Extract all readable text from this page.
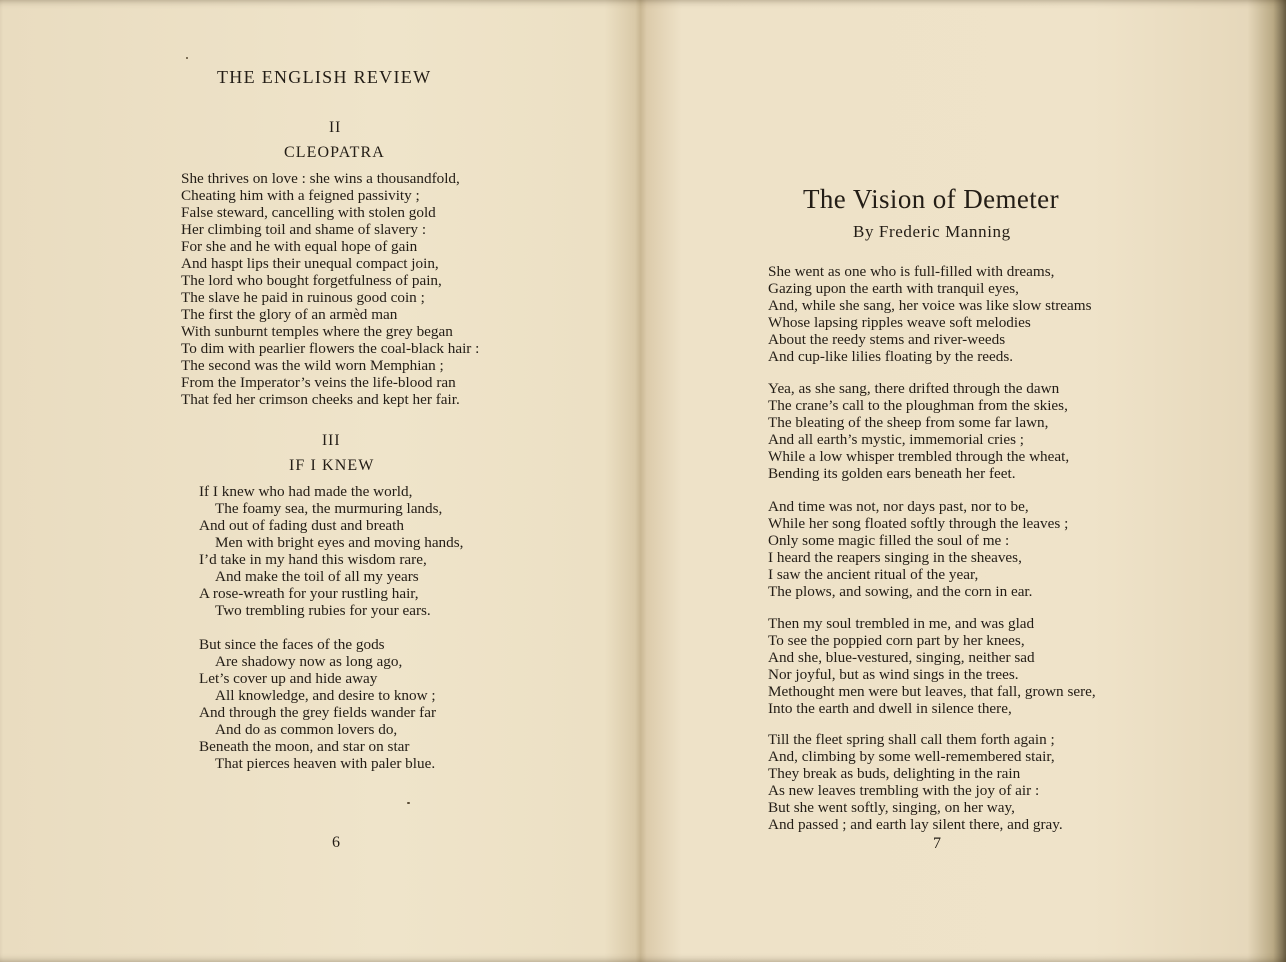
THE ENGLISH REVIEW
II
CLEOPATRA
She thrives on love : she wins a thousandfold,
Cheating him with a feigned passivity ;
False steward, cancelling with stolen gold
Her climbing toil and shame of slavery :
For she and he with equal hope of gain
And haspt lips their unequal compact join,
The lord who bought forgetfulness of pain,
The slave he paid in ruinous good coin ;
The first the glory of an armèd man
With sunburnt temples where the grey began
To dim with pearlier flowers the coal-black hair :
The second was the wild worn Memphian ;
From the Imperator’s veins the life-blood ran
That fed her crimson cheeks and kept her fair.
III
IF I KNEW
If I knew who had made the world,
The foamy sea, the murmuring lands,
And out of fading dust and breath
Men with bright eyes and moving hands,
I’d take in my hand this wisdom rare,
And make the toil of all my years
A rose-wreath for your rustling hair,
Two trembling rubies for your ears.
But since the faces of the gods
Are shadowy now as long ago,
Let’s cover up and hide away
All knowledge, and desire to know ;
And through the grey fields wander far
And do as common lovers do,
Beneath the moon, and star on star
That pierces heaven with paler blue.
6
The Vision of Demeter
By Frederic Manning
She went as one who is full-filled with dreams,
Gazing upon the earth with tranquil eyes,
And, while she sang, her voice was like slow streams
Whose lapsing ripples weave soft melodies
About the reedy stems and river-weeds
And cup-like lilies floating by the reeds.
Yea, as she sang, there drifted through the dawn
The crane’s call to the ploughman from the skies,
The bleating of the sheep from some far lawn,
And all earth’s mystic, immemorial cries ;
While a low whisper trembled through the wheat,
Bending its golden ears beneath her feet.
And time was not, nor days past, nor to be,
While her song floated softly through the leaves ;
Only some magic filled the soul of me :
I heard the reapers singing in the sheaves,
I saw the ancient ritual of the year,
The plows, and sowing, and the corn in ear.
Then my soul trembled in me, and was glad
To see the poppied corn part by her knees,
And she, blue-vestured, singing, neither sad
Nor joyful, but as wind sings in the trees.
Methought men were but leaves, that fall, grown sere,
Into the earth and dwell in silence there,
Till the fleet spring shall call them forth again ;
And, climbing by some well-remembered stair,
They break as buds, delighting in the rain
As new leaves trembling with the joy of air :
But she went softly, singing, on her way,
And passed ; and earth lay silent there, and gray.
7
